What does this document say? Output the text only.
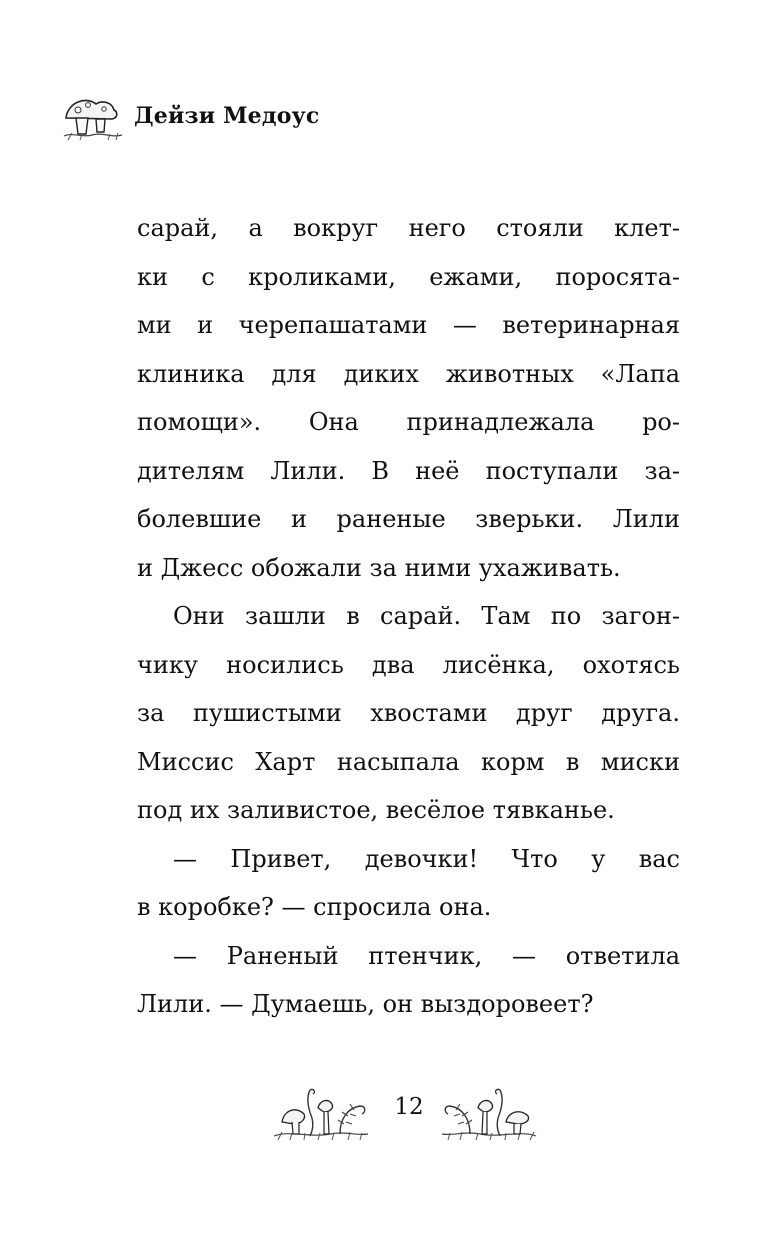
Дейзи Медоус
сарай, а вокруг него стояли клет-
ки с кроликами, ежами, поросята-
ми и черепашатами — ветеринарная
клиника для диких животных «Лапа
помощи». Она принадлежала ро-
дителям Лили. В неё поступали за-
болевшие и раненые зверьки. Лили
и Джесс обожали за ними ухаживать.
Они зашли в сарай. Там по загон-
чику носились два лисёнка, охотясь
за пушистыми хвостами друг друга.
Миссис Харт насыпала корм в миски
под их заливистое, весёлое тявканье.
— Привет, девочки! Что у вас
в коробке? — спросила она.
— Раненый птенчик, — ответила
Лили. — Думаешь, он выздоровеет?
12
